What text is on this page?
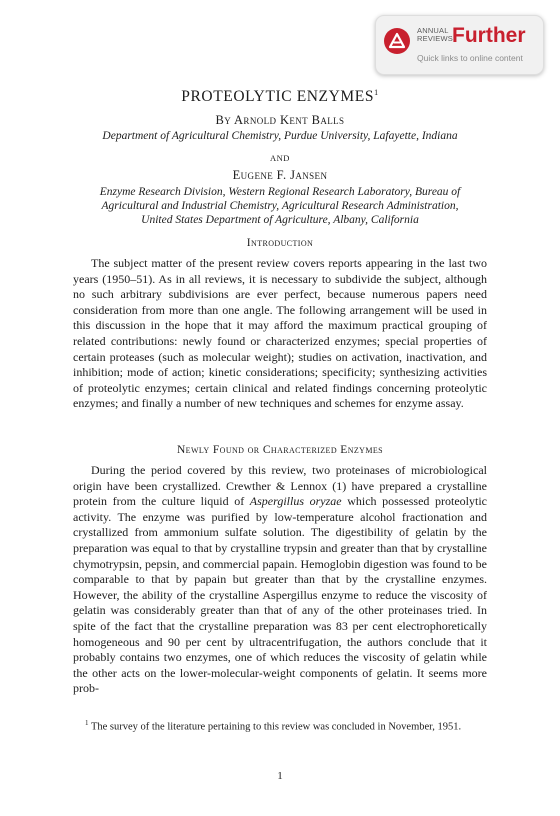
ANNUAL
REVIEWS Further
Quick links to online content
PROTEOLYTIC ENZYMES$^1$
By Arnold Kent Balls
Department of Agricultural Chemistry, Purdue University, Lafayette, Indiana
AND
Eugene F. Jansen
Enzyme Research Division, Western Regional Research Laboratory, Bureau of
Agricultural and Industrial Chemistry, Agricultural Research Administration,
United States Department of Agriculture, Albany, California
Introduction
The subject matter of the present review covers reports appearing in the last two years (1950–51). As in all reviews, it is necessary to subdivide the subject, although no such arbitrary subdivisions are ever perfect, because numerous papers need consideration from more than one angle. The following arrangement will be used in this discussion in the hope that it may afford the maximum practical grouping of related contributions: newly found or characterized enzymes; special properties of certain proteases (such as molecular weight); studies on activation, inactivation, and inhibition; mode of action; kinetic considerations; specificity; synthesizing activities of proteolytic enzymes; certain clinical and related findings concerning proteolytic enzymes; and finally a number of new techniques and schemes for enzyme assay.
Newly Found or Characterized Enzymes
During the period covered by this review, two proteinases of microbiological origin have been crystallized. Crewther & Lennox (1) have prepared a crystalline protein from the culture liquid of Aspergillus oryzae which possessed proteolytic activity. The enzyme was purified by low-temperature alcohol fractionation and crystallized from ammonium sulfate solution. The digestibility of gelatin by the preparation was equal to that by crystalline trypsin and greater than that by crystalline chymotrypsin, pepsin, and commercial papain. Hemoglobin digestion was found to be comparable to that by papain but greater than that by the crystalline enzymes. However, the ability of the crystalline Aspergillus enzyme to reduce the viscosity of gelatin was considerably greater than that of any of the other proteinases tried. In spite of the fact that the crystalline preparation was 83 per cent electrophoretically homogeneous and 90 per cent by ultracentrifugation, the authors conclude that it probably contains two enzymes, one of which reduces the viscosity of gelatin while the other acts on the lower-molecular-weight components of gelatin. It seems more prob-
$^1$ The survey of the literature pertaining to this review was concluded in November, 1951.
1
